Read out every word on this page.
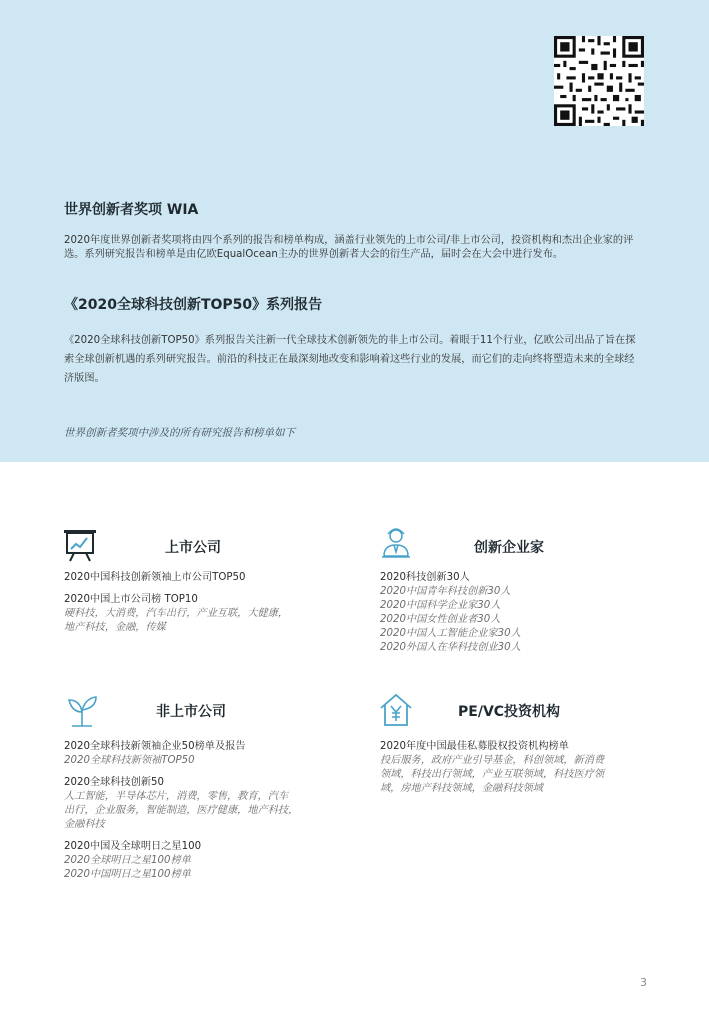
世界创新者奖项 WIA
2020年度世界创新者奖项将由四个系列的报告和榜单构成，涵盖行业领先的上市公司/非上市公司，投资机构和杰出企业家的评选。系列研究报告和榜单是由亿欧EqualOcean主办的世界创新者大会的衍生产品，届时会在大会中进行发布。
《2020全球科技创新TOP50》系列报告
《2020全球科技创新TOP50》系列报告关注新一代全球技术创新领先的非上市公司。着眼于11个行业，亿欧公司出品了旨在探索全球创新机遇的系列研究报告。前沿的科技正在最深刻地改变和影响着这些行业的发展，而它们的走向终将塑造未来的全球经济版图。
世界创新者奖项中涉及的所有研究报告和榜单如下
上市公司
2020中国科技创新领袖上市公司TOP50
2020中国上市公司榜 TOP10
硬科技，大消费，汽车出行，产业互联，大健康，
地产科技，金融，传媒
创新企业家
2020科技创新30人
2020中国青年科技创新30人
2020中国科学企业家30人
2020中国女性创业者30人
2020中国人工智能企业家30人
2020外国人在华科技创业30人
非上市公司
2020全球科技新领袖企业50榜单及报告
2020全球科技新领袖TOP50
2020全球科技创新50
人工智能，半导体芯片，消费，零售，教育，汽车
出行，企业服务，智能制造，医疗健康，地产科技，
金融科技
2020中国及全球明日之星100
2020全球明日之星100榜单
2020中国明日之星100榜单
PE/VC投资机构
2020年度中国最佳私募股权投资机构榜单
投后服务，政府产业引导基金，科创领域，新消费
领域，科技出行领域，产业互联领域，科技医疗领
域，房地产科技领域，金融科技领域
3
